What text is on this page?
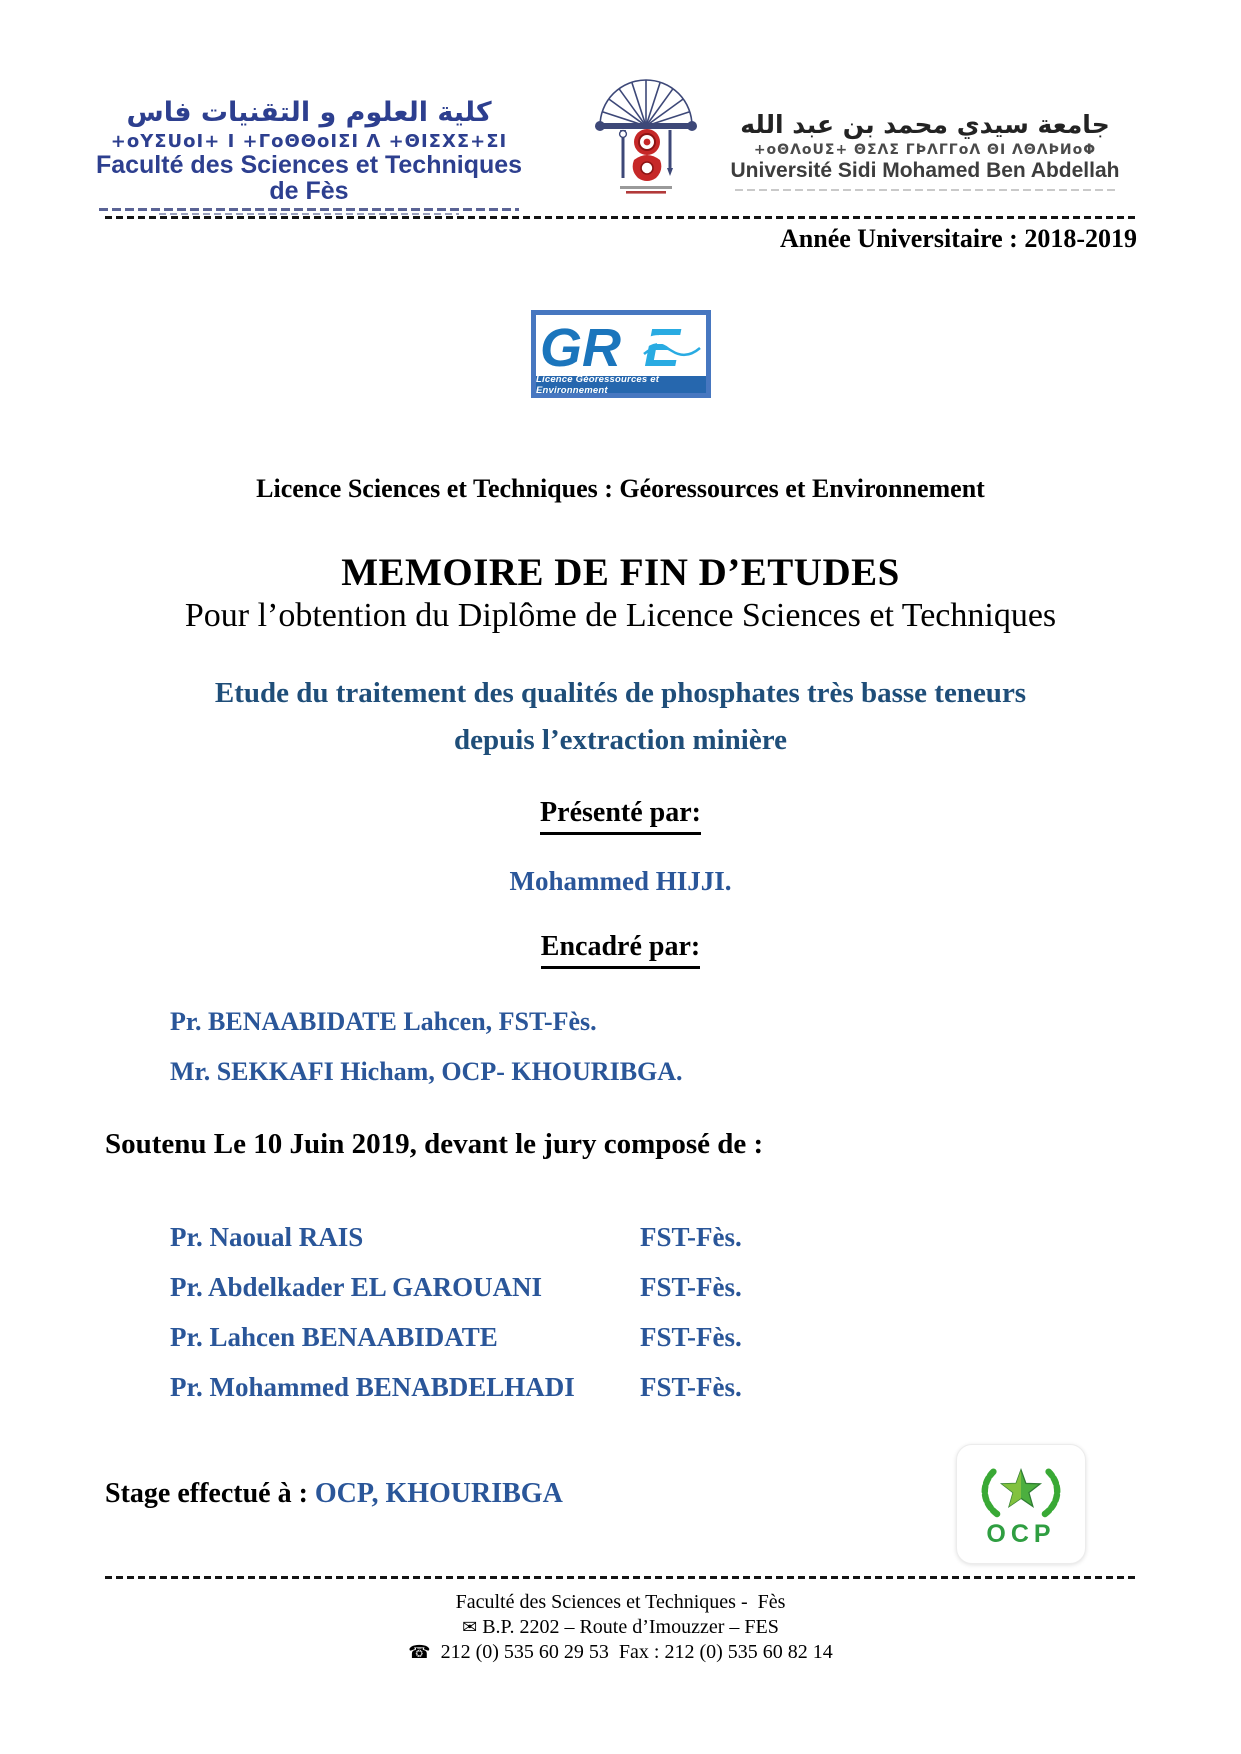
كلية العلوم و التقنيات فاس
+oYΣUoI+ I +ΓoΘΘoIΣI Λ +ΘIΣΧΣ+ΣI
Faculté des Sciences et Techniques de Fès
جامعة سيدي محمد بن عبد الله
+oΘΛoUΣ+ ΘΣΛΣ ΓϷΛΓΓoΛ ΘI ΛΘΛϷИoΦ
Université Sidi Mohamed Ben Abdellah
Année Universitaire : 2018-2019
GR E
Licence Géoressources et Environnement
Licence Sciences et Techniques : Géoressources et Environnement
MEMOIRE DE FIN D’ETUDES
Pour l’obtention du Diplôme de Licence Sciences et Techniques
Etude du traitement des qualités de phosphates très basse teneurs
depuis l’extraction minière
Présenté par:
Mohammed HIJJI.
Encadré par:
Pr. BENAABIDATE Lahcen, FST-Fès.
Mr. SEKKAFI Hicham, OCP- KHOURIBGA.
Soutenu Le 10 Juin 2019, devant le jury composé de :
Pr. Naoual RAIS	FST-Fès.
Pr. Abdelkader EL GAROUANI	FST-Fès.
Pr. Lahcen BENAABIDATE	FST-Fès.
Pr. Mohammed BENABDELHADI FST-Fès.
Stage effectué à : OCP, KHOURIBGA
OCP
Faculté des Sciences et Techniques -  Fès
✉ B.P. 2202 – Route d’Imouzzer – FES
☎ 212 (0) 535 60 29 53  Fax : 212 (0) 535 60 82 14
